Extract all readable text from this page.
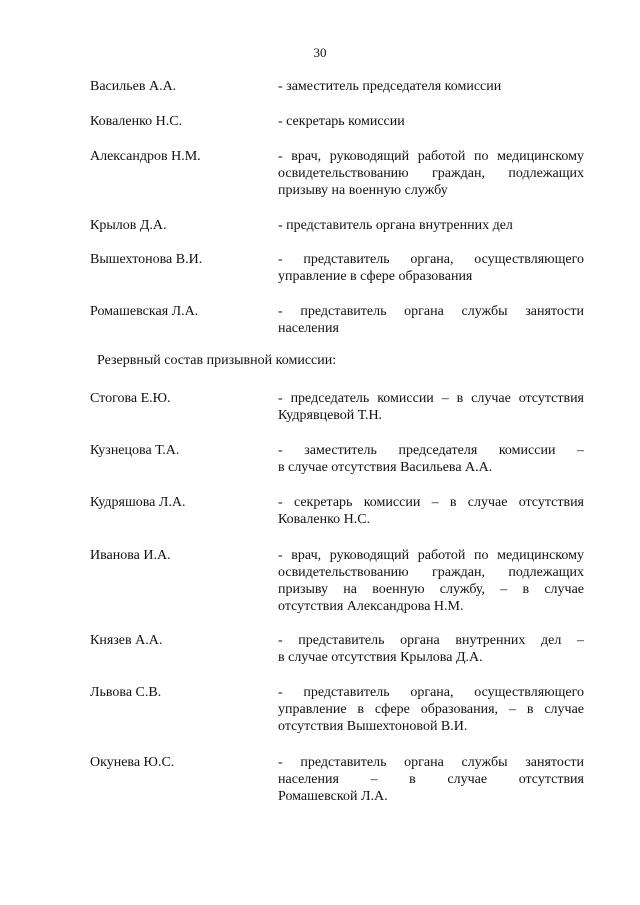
30
Васильев А.А.	- заместитель председателя комиссии
Коваленко Н.С.	- секретарь комиссии
Александров Н.М.	- врач, руководящий работой по медицинскому
освидетельствованию граждан, подлежащих
призыву на военную службу
Крылов Д.А.	- представитель органа внутренних дел
Вышехтонова В.И.	- представитель органа, осуществляющего
управление в сфере образования
Ромашевская Л.А.	- представитель органа службы занятости
населения
Резервный состав призывной комиссии:
Стогова Е.Ю.	- председатель комиссии – в случае отсутствия
Кудрявцевой Т.Н.
Кузнецова Т.А.	- заместитель председателя комиссии –
в случае отсутствия Васильева А.А.
Кудряшова Л.А.	- секретарь комиссии – в случае отсутствия
Коваленко Н.С.
Иванова И.А.	- врач, руководящий работой по медицинскому
освидетельствованию граждан, подлежащих
призыву на военную службу, – в случае
отсутствия Александрова Н.М.
Князев А.А.	- представитель органа внутренних дел –
в случае отсутствия Крылова Д.А.
Львова С.В.	- представитель органа, осуществляющего
управление в сфере образования, – в случае
отсутствия Вышехтоновой В.И.
Окунева Ю.С.	- представитель органа службы занятости
населения – в случае отсутствия
Ромашевской Л.А.
